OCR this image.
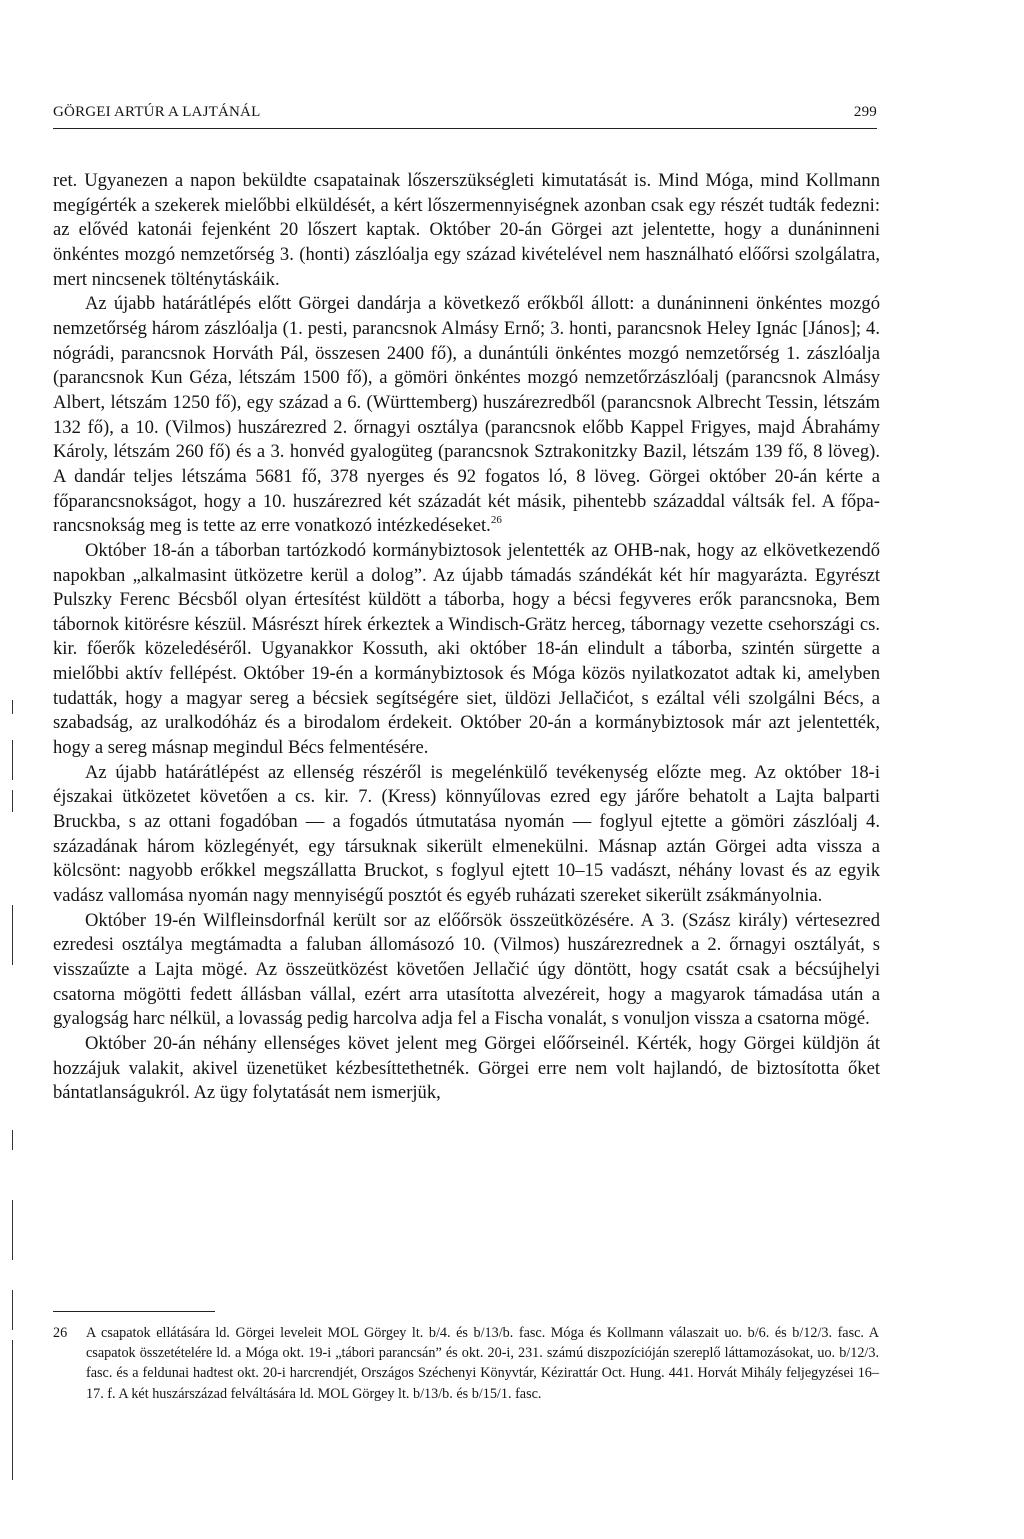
GÖRGEI ARTÚR A LAJTÁNÁL	299

ret. Ugyanezen a napon beküldte csapatainak lőszerszükségleti kimutatását is. Mind Móga, mind Kollmann megígérték a szekerek mielőbbi elküldését, a kért lőszermennyiségnek azonban csak egy részét tudták fedezni: az elővéd katonái fejenként 20 lőszert kaptak. Október 20-án Görgei azt jelentette, hogy a dunáninneni önkéntes mozgó nemzetőrség 3. (honti) zászlóalja egy század kivételével nem használható előőrsi szolgálatra, mert nincsenek tölténytáskáik.

Az újabb határátlépés előtt Görgei dandárja a következő erőkből állott: a dunáninneni önkéntes mozgó nemzetőrség három zászlóalja (1. pesti, parancsnok Almásy Ernő; 3. honti, parancsnok Heley Ignác [János]; 4. nógrádi, parancsnok Horváth Pál, összesen 2400 fő), a dunántúli önkéntes mozgó nemzetőrség 1. zászlóalja (parancsnok Kun Géza, létszám 1500 fő), a gömöri önkéntes mozgó nemzetőrzászlóalj (parancsnok Almásy Albert, létszám 1250 fő), egy század a 6. (Württemberg) huszárezredből (parancsnok Albrecht Tessin, létszám 132 fő), a 10. (Vilmos) huszárezred 2. őrnagyi osztálya (parancsnok előbb Kappel Frigyes, majd Ábrahámy Károly, létszám 260 fő) és a 3. honvéd gyalogüteg (parancsnok Sztrakonitzky Bazil, létszám 139 fő, 8 löveg). A dandár teljes létszáma 5681 fő, 378 nyerges és 92 fogatos ló, 8 löveg. Görgei október 20-án kérte a főparancsnokságot, hogy a 10. huszárezred két századát két másik, pihentebb századdal váltsák fel. A főparancsnokság meg is tette az erre vonatkozó intézkedéseket.$^{26}$

Október 18-án a táborban tartózkodó kormánybiztosok jelentették az OHB-nak, hogy az elkövetkezendő napokban „alkalmasint ütközetre kerül a dolog”. Az újabb támadás szándékát két hír magyarázta. Egyrészt Pulszky Ferenc Bécsből olyan értesítést küldött a táborba, hogy a bécsi fegyveres erők parancsnoka, Bem tábornok kitörésre készül. Másrészt hírek érkeztek a Windisch-Grätz herceg, tábornagy vezette csehországi cs. kir. főerők közeledéséről. Ugyanakkor Kossuth, aki október 18-án elindult a táborba, szintén sürgette a mielőbbi aktív fellépést. Október 19-én a kormánybiztosok és Móga közös nyilatkozatot adtak ki, amelyben tudatták, hogy a magyar sereg a bécsiek segítségére siet, üldözi Jellačićot, s ezáltal véli szolgálni Bécs, a szabadság, az uralkodóház és a birodalom érdekeit. Október 20-án a kormánybiztosok már azt jelentették, hogy a sereg másnap megindul Bécs felmentésére.

Az újabb határátlépést az ellenség részéről is megelénkülő tevékenység előzte meg. Az október 18-i éjszakai ütközetet követően a cs. kir. 7. (Kress) könnyűlovas ezred egy járőre behatolt a Lajta balparti Bruckba, s az ottani fogadóban — a fogadós útmutatása nyomán — foglyul ejtette a gömöri zászlóalj 4. századának három közlegényét, egy társuknak sikerült elmenekülni. Másnap aztán Görgei adta vissza a kölcsönt: nagyobb erőkkel megszállatta Bruckot, s foglyul ejtett 10–15 vadászt, néhány lovast és az egyik vadász vallomása nyomán nagy mennyiségű posztót és egyéb ruházati szereket sikerült zsákmányolnia.

Október 19-én Wilfleinsdorfnál került sor az előőrsök összeütközésére. A 3. (Szász király) vértesezred ezredesi osztálya megtámadta a faluban állomásozó 10. (Vilmos) huszárezrednek a 2. őrnagyi osztályát, s visszaűzte a Lajta mögé. Az összeütközést követően Jellačić úgy döntött, hogy csatát csak a bécsújhelyi csatorna mögötti fedett állásban vállal, ezért arra utasította alvezéreit, hogy a magyarok támadása után a gyalogság harc nélkül, a lovasság pedig harcolva adja fel a Fischa vonalát, s vonuljon vissza a csatorna mögé.

Október 20-án néhány ellenséges követ jelent meg Görgei előőrseinél. Kérték, hogy Görgei küldjön át hozzájuk valakit, akivel üzenetüket kézbesíttethetnék. Görgei erre nem volt hajlandó, de biztosította őket bántatlanságukról. Az ügy folytatását nem ismerjük,

26 A csapatok ellátására ld. Görgei leveleit MOL Görgey lt. b/4. és b/13/b. fasc. Móga és Kollmann válaszait uo. b/6. és b/12/3. fasc. A csapatok összetételére ld. a Móga okt. 19-i „tábori parancsán” és okt. 20-i, 231. számú diszpozícióján szereplő láttamozásokat, uo. b/12/3. fasc. és a feldunai hadtest okt. 20-i harcrendjét, Országos Széchenyi Könyvtár, Kézirattár Oct. Hung. 441. Horvát Mihály feljegyzései 16–17. f. A két huszárszázad felváltására ld. MOL Görgey lt. b/13/b. és b/15/1. fasc.
